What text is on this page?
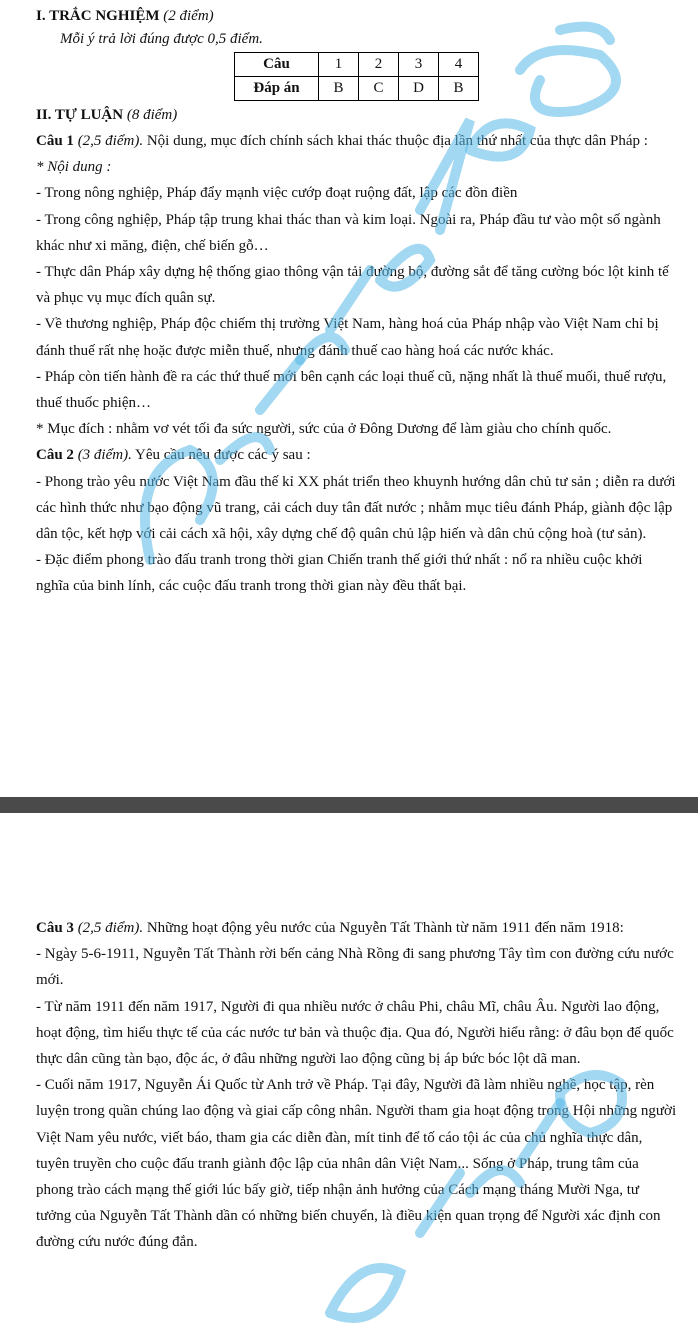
I. TRẮC NGHIỆM (2 điểm)

Mỗi ý trả lời đúng được 0,5 điểm.

Câu	1	2	3	4
Đáp án	B	C	D	B

II. TỰ LUẬN (8 điểm)

Câu 1 (2,5 điểm). Nội dung, mục đích chính sách khai thác thuộc địa lần thứ nhất của thực dân Pháp :

* Nội dung :

- Trong nông nghiệp, Pháp đẩy mạnh việc cướp đoạt ruộng đất, lập các đồn điền

- Trong công nghiệp, Pháp tập trung khai thác than và kim loại. Ngoài ra, Pháp đầu tư vào một số ngành khác như xi măng, điện, chế biến gỗ…

- Thực dân Pháp xây dựng hệ thống giao thông vận tải đường bộ, đường sắt để tăng cường bóc lột kinh tế và phục vụ mục đích quân sự.

- Về thương nghiệp, Pháp độc chiếm thị trường Việt Nam, hàng hoá của Pháp nhập vào Việt Nam chỉ bị đánh thuế rất nhẹ hoặc được miễn thuế, nhưng đánh thuế cao hàng hoá các nước khác.

- Pháp còn tiến hành đề ra các thứ thuế mới bên cạnh các loại thuế cũ, nặng nhất là thuế muối, thuế rượu, thuế thuốc phiện…

* Mục đích : nhằm vơ vét tối đa sức người, sức của ở Đông Dương để làm giàu cho chính quốc.

Câu 2 (3 điểm). Yêu cầu nêu được các ý sau :

- Phong trào yêu nước Việt Nam đầu thế kỉ XX phát triển theo khuynh hướng dân chủ tư sản ; diễn ra dưới các hình thức như bạo động vũ trang, cải cách duy tân đất nước ; nhằm mục tiêu đánh Pháp, giành độc lập dân tộc, kết hợp với cải cách xã hội, xây dựng chế độ quân chủ lập hiến và dân chủ cộng hoà (tư sản).

- Đặc điểm phong trào đấu tranh trong thời gian Chiến tranh thế giới thứ nhất : nổ ra nhiều cuộc khởi nghĩa của binh lính, các cuộc đấu tranh trong thời gian này đều thất bại.

Câu 3 (2,5 điểm). Những hoạt động yêu nước của Nguyễn Tất Thành từ năm 1911 đến năm 1918:

- Ngày 5-6-1911, Nguyễn Tất Thành rời bến cảng Nhà Rồng đi sang phương Tây tìm con đường cứu nước mới.

- Từ năm 1911 đến năm 1917, Người đi qua nhiều nước ở châu Phi, châu Mĩ, châu Âu. Người lao động, hoạt động, tìm hiểu thực tế của các nước tư bản và thuộc địa. Qua đó, Người hiểu rằng: ở đâu bọn đế quốc thực dân cũng tàn bạo, độc ác, ở đâu những người lao động cũng bị áp bức bóc lột dã man.

- Cuối năm 1917, Nguyễn Ái Quốc từ Anh trở về Pháp. Tại đây, Người đã làm nhiều nghề, học tập, rèn luyện trong quần chúng lao động và giai cấp công nhân. Người tham gia hoạt động trong Hội những người Việt Nam yêu nước, viết báo, tham gia các diễn đàn, mít tinh để tố cáo tội ác của chủ nghĩa thực dân, tuyên truyền cho cuộc đấu tranh giành độc lập của nhân dân Việt Nam... Sống ở Pháp, trung tâm của phong trào cách mạng thế giới lúc bấy giờ, tiếp nhận ảnh hưởng của Cách mạng tháng Mười Nga, tư tưởng của Nguyễn Tất Thành dần có những biến chuyển, là điều kiện quan trọng để Người xác định con đường cứu nước đúng đắn.
